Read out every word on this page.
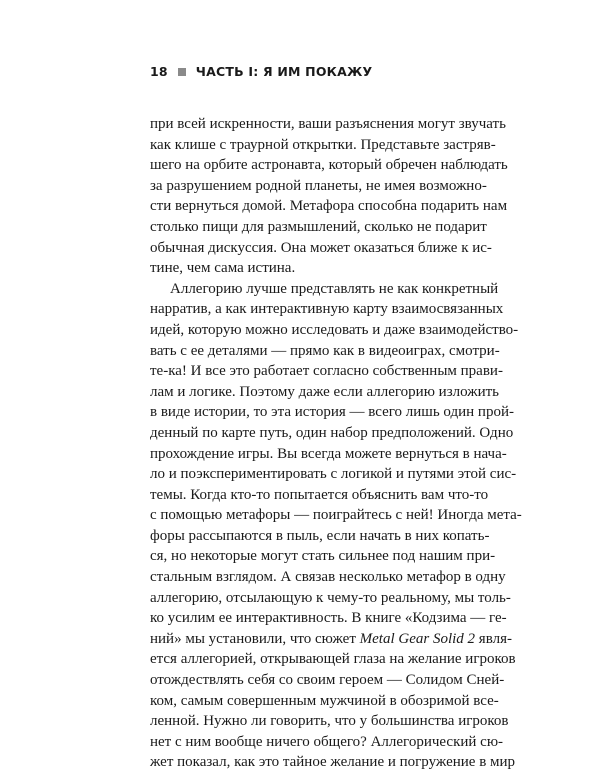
18 ЧАСТЬ I: Я ИМ ПОКАЖУ
при всей искренности, ваши разъяснения могут звучать
как клише с траурной открытки. Представьте застряв-
шего на орбите астронавта, который обречен наблюдать
за разрушением родной планеты, не имея возможно-
сти вернуться домой. Метафора способна подарить нам
столько пищи для размышлений, сколько не подарит
обычная дискуссия. Она может оказаться ближе к ис-
тине, чем сама истина.
Аллегорию лучше представлять не как конкретный
нарратив, а как интерактивную карту взаимосвязанных
идей, которую можно исследовать и даже взаимодейство-
вать с ее деталями — прямо как в видеоиграх, смотри-
те-ка! И все это работает согласно собственным прави-
лам и логике. Поэтому даже если аллегорию изложить
в виде истории, то эта история — всего лишь один прой-
денный по карте путь, один набор предположений. Одно
прохождение игры. Вы всегда можете вернуться в нача-
ло и поэкспериментировать с логикой и путями этой сис-
темы. Когда кто-то попытается объяснить вам что-то
с помощью метафоры — поиграйтесь с ней! Иногда мета-
форы рассыпаются в пыль, если начать в них копать-
ся, но некоторые могут стать сильнее под нашим при-
стальным взглядом. А связав несколько метафор в одну
аллегорию, отсылающую к чему-то реальному, мы толь-
ко усилим ее интерактивность. В книге «Кодзима — ге-
ний» мы установили, что сюжет Metal Gear Solid 2 явля-
ется аллегорией, открывающей глаза на желание игроков
отождествлять себя со своим героем — Солидом Сней-
ком, самым совершенным мужчиной в обозримой все-
ленной. Нужно ли говорить, что у большинства игроков
нет с ним вообще ничего общего? Аллегорический сю-
жет показал, как это тайное желание и погружение в мир
